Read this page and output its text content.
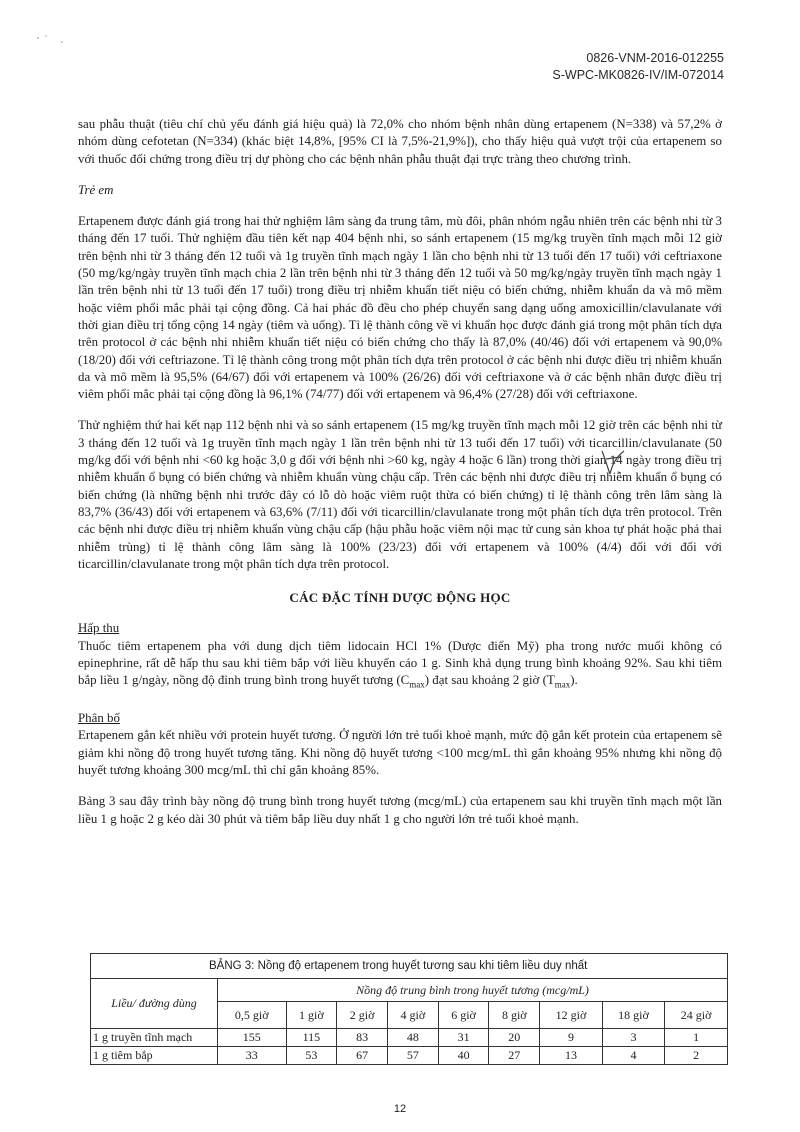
0826-VNM-2016-012255
S-WPC-MK0826-IV/IM-072014

sau phẫu thuật (tiêu chí chủ yếu đánh giá hiệu quả) là 72,0% cho nhóm bệnh nhân dùng ertapenem (N=338) và 57,2% ở nhóm dùng cefotetan (N=334) (khác biệt 14,8%, [95% CI là 7,5%-21,9%]), cho thấy hiệu quả vượt trội của ertapenem so với thuốc đối chứng trong điều trị dự phòng cho các bệnh nhân phẫu thuật đại trực tràng theo chương trình.

Trẻ em

Ertapenem được đánh giá trong hai thử nghiệm lâm sàng đa trung tâm, mù đôi, phân nhóm ngẫu nhiên trên các bệnh nhi từ 3 tháng đến 17 tuổi. Thử nghiệm đầu tiên kết nạp 404 bệnh nhi, so sánh ertapenem (15 mg/kg truyền tĩnh mạch mỗi 12 giờ trên bệnh nhi từ 3 tháng đến 12 tuổi và 1g truyền tĩnh mạch ngày 1 lần cho bệnh nhi từ 13 tuổi đến 17 tuổi) với ceftriaxone (50 mg/kg/ngày truyền tĩnh mạch chia 2 lần trên bệnh nhi từ 3 tháng đến 12 tuổi và 50 mg/kg/ngày truyền tĩnh mạch ngày 1 lần trên bệnh nhi từ 13 tuổi đến 17 tuổi) trong điều trị nhiễm khuẩn tiết niệu có biến chứng, nhiễm khuẩn da và mô mềm hoặc viêm phổi mắc phải tại cộng đồng. Cả hai phác đồ đều cho phép chuyển sang dạng uống amoxicillin/clavulanate với thời gian điều trị tổng cộng 14 ngày (tiêm và uống). Tỉ lệ thành công về vi khuẩn học được đánh giá trong một phân tích dựa trên protocol ở các bệnh nhi nhiễm khuẩn tiết niệu có biến chứng cho thấy là 87,0% (40/46) đối với ertapenem và 90,0% (18/20) đối với ceftriazone. Tỉ lệ thành công trong một phân tích dựa trên protocol ở các bệnh nhi được điều trị nhiễm khuẩn da và mô mềm là 95,5% (64/67) đối với ertapenem và 100% (26/26) đối với ceftriaxone và ở các bệnh nhân được điều trị viêm phổi mắc phải tại cộng đồng là 96,1% (74/77) đối với ertapenem và 96,4% (27/28) đối với ceftriaxone.

Thử nghiệm thứ hai kết nạp 112 bệnh nhi và so sánh ertapenem (15 mg/kg truyền tĩnh mạch mỗi 12 giờ trên các bệnh nhi từ 3 tháng đến 12 tuổi và 1g truyền tĩnh mạch ngày 1 lần trên bệnh nhi từ 13 tuổi đến 17 tuổi) với ticarcillin/clavulanate (50 mg/kg đối với bệnh nhi <60 kg hoặc 3,0 g đối với bệnh nhi >60 kg, ngày 4 hoặc 6 lần) trong thời gian 14 ngày trong điều trị nhiễm khuẩn ổ bụng có biến chứng và nhiễm khuẩn vùng chậu cấp. Trên các bệnh nhi được điều trị nhiễm khuẩn ổ bụng có biến chứng (là những bệnh nhi trước đây có lỗ dò hoặc viêm ruột thừa có biến chứng) tỉ lệ thành công trên lâm sàng là 83,7% (36/43) đối với ertapenem và 63,6% (7/11) đối với ticarcillin/clavulanate trong một phân tích dựa trên protocol. Trên các bệnh nhi được điều trị nhiễm khuẩn vùng chậu cấp (hậu phẫu hoặc viêm nội mạc tử cung sản khoa tự phát hoặc phá thai nhiễm trùng) tỉ lệ thành công lâm sàng là 100% (23/23) đối với ertapenem và 100% (4/4) đối với đối với ticarcillin/clavulanate trong một phân tích dựa trên protocol.

CÁC ĐẶC TÍNH DƯỢC ĐỘNG HỌC

Hấp thu

Thuốc tiêm ertapenem pha với dung dịch tiêm lidocain HCl 1% (Dược điển Mỹ) pha trong nước muối không có epinephrine, rất dễ hấp thu sau khi tiêm bắp với liều khuyến cáo 1 g. Sinh khả dụng trung bình khoảng 92%. Sau khi tiêm bắp liều 1 g/ngày, nồng độ đỉnh trung bình trong huyết tương $(C_{max})$ đạt sau khoảng 2 giờ $(T_{max})$.

Phân bố

Ertapenem gắn kết nhiều với protein huyết tương. Ở người lớn trẻ tuổi khoẻ mạnh, mức độ gắn kết protein của ertapenem sẽ giảm khi nồng độ trong huyết tương tăng. Khi nồng độ huyết tương <100 mcg/mL thì gắn khoảng 95% nhưng khi nồng độ huyết tương khoảng 300 mcg/mL thì chỉ gắn khoảng 85%.

Bảng 3 sau đây trình bày nồng độ trung bình trong huyết tương (mcg/mL) của ertapenem sau khi truyền tĩnh mạch một lần liều 1 g hoặc 2 g kéo dài 30 phút và tiêm bắp liều duy nhất 1 g cho người lớn trẻ tuổi khoẻ mạnh.

BẢNG 3: Nồng độ ertapenem trong huyết tương sau khi tiêm liều duy nhất									
Liều/ đường dùng	Nồng độ trung bình trong huyết tương (mcg/mL)								
	0,5 giờ	1 giờ	2 giờ	4 giờ	6 giờ	8 giờ	12 giờ	18 giờ	24 giờ
1 g truyền tĩnh mạch	155	115	83	48	31	20	9	3	1
1 g tiêm bắp	33	53	67	57	40	27	13	4	2
12
